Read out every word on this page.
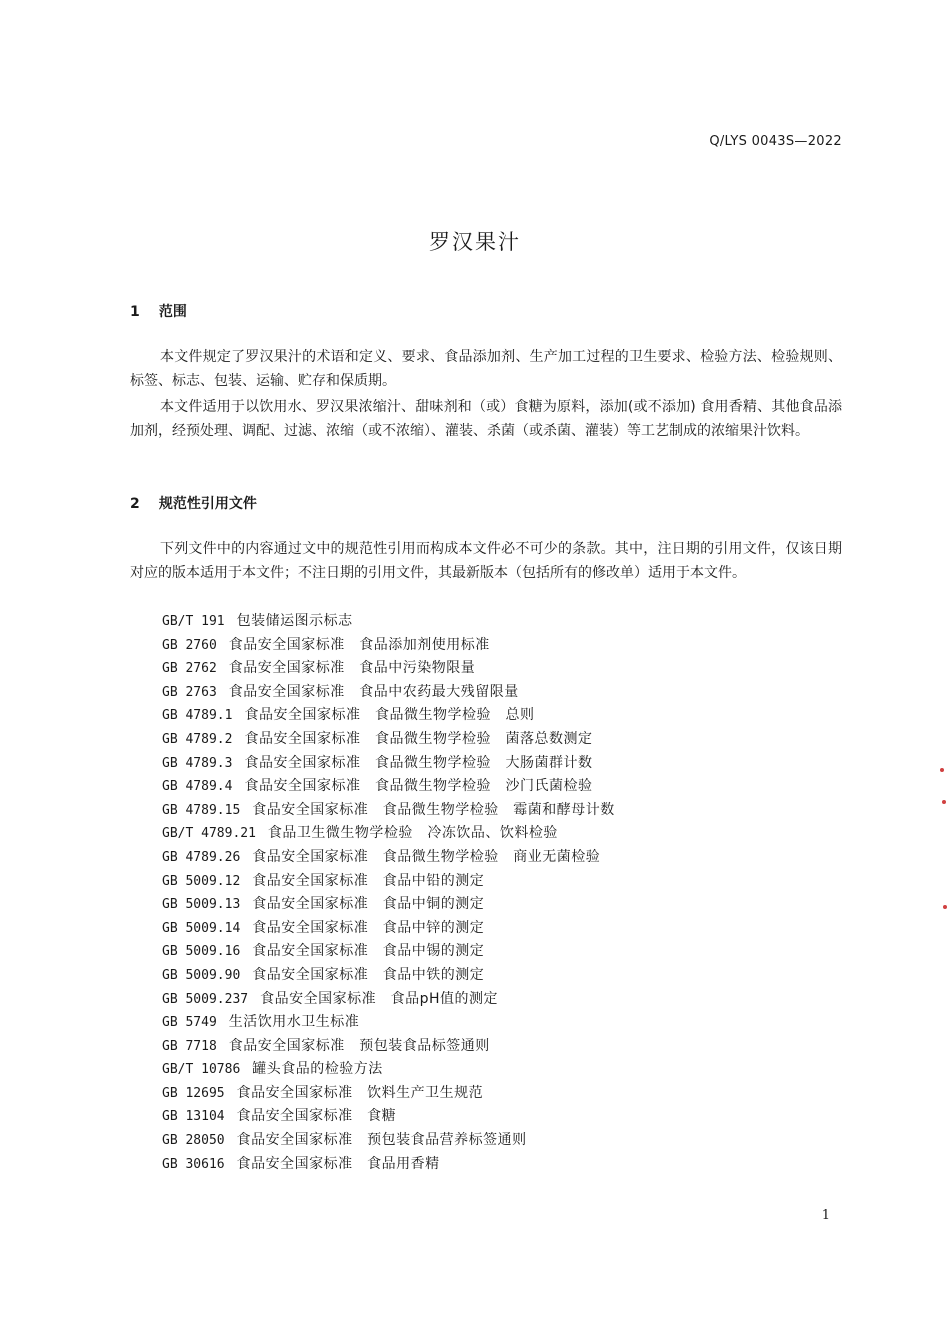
Q/LYS 0043S—2022
罗汉果汁
1 范围
本文件规定了罗汉果汁的术语和定义、要求、食品添加剂、生产加工过程的卫生要求、检验方法、检验规则、标签、标志、包装、运输、贮存和保质期。
本文件适用于以饮用水、罗汉果浓缩汁、甜味剂和（或）食糖为原料，添加(或不添加) 食用香精、其他食品添加剂，经预处理、调配、过滤、浓缩（或不浓缩）、灌装、杀菌（或杀菌、灌装）等工艺制成的浓缩果汁饮料。
2 规范性引用文件
下列文件中的内容通过文中的规范性引用而构成本文件必不可少的条款。其中，注日期的引用文件，仅该日期对应的版本适用于本文件；不注日期的引用文件，其最新版本（包括所有的修改单）适用于本文件。
GB/T 191 包装储运图示标志
GB 2760 食品安全国家标准　食品添加剂使用标准
GB 2762 食品安全国家标准　食品中污染物限量
GB 2763 食品安全国家标准　食品中农药最大残留限量
GB 4789.1 食品安全国家标准　食品微生物学检验　总则
GB 4789.2 食品安全国家标准　食品微生物学检验　菌落总数测定
GB 4789.3 食品安全国家标准　食品微生物学检验　大肠菌群计数
GB 4789.4 食品安全国家标准　食品微生物学检验　沙门氏菌检验
GB 4789.15 食品安全国家标准　食品微生物学检验　霉菌和酵母计数
GB/T 4789.21 食品卫生微生物学检验　冷冻饮品、饮料检验
GB 4789.26 食品安全国家标准　食品微生物学检验　商业无菌检验
GB 5009.12 食品安全国家标准　食品中铅的测定
GB 5009.13 食品安全国家标准　食品中铜的测定
GB 5009.14 食品安全国家标准　食品中锌的测定
GB 5009.16 食品安全国家标准　食品中锡的测定
GB 5009.90 食品安全国家标准　食品中铁的测定
GB 5009.237 食品安全国家标准　食品pH值的测定
GB 5749 生活饮用水卫生标准
GB 7718 食品安全国家标准　预包装食品标签通则
GB/T 10786 罐头食品的检验方法
GB 12695 食品安全国家标准　饮料生产卫生规范
GB 13104 食品安全国家标准　食糖
GB 28050 食品安全国家标准　预包装食品营养标签通则
GB 30616 食品安全国家标准　食品用香精
1
